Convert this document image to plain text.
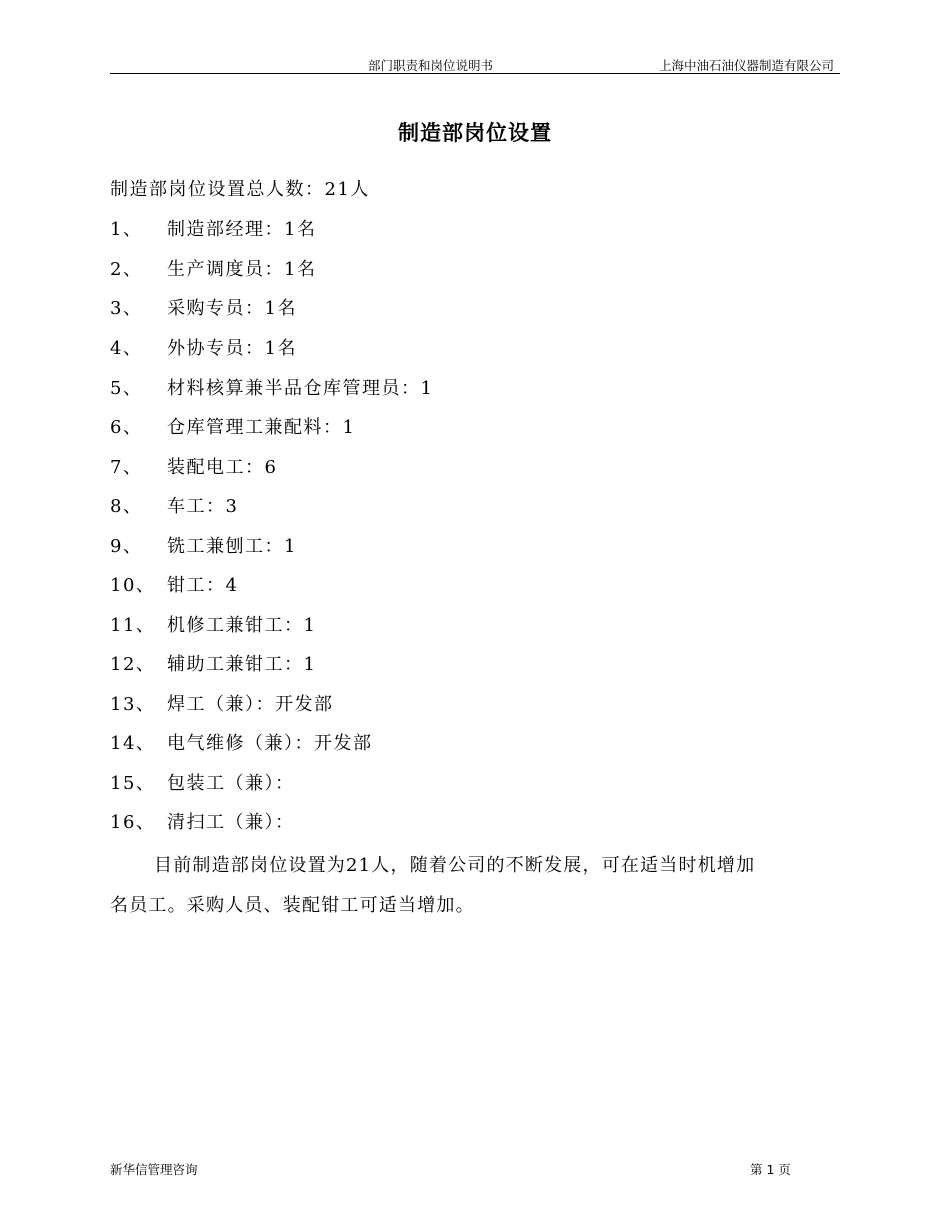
部门职责和岗位说明书	上海中油石油仪器制造有限公司
制造部岗位设置
制造部岗位设置总人数：21人
1、 制造部经理：1名
2、 生产调度员：1名
3、 采购专员：1名
4、 外协专员：1名
5、 材料核算兼半品仓库管理员：1
6、 仓库管理工兼配料：1
7、 装配电工：6
8、 车工：3
9、 铣工兼刨工：1
10、 钳工：4
11、 机修工兼钳工：1
12、 辅助工兼钳工：1
13、 焊工（兼）：开发部
14、 电气维修（兼）：开发部
15、 包装工（兼）：
16、 清扫工（兼）：
目前制造部岗位设置为21人，随着公司的不断发展，可在适当时机增加
名员工。采购人员、装配钳工可适当增加。
新华信管理咨询	第 1 页
